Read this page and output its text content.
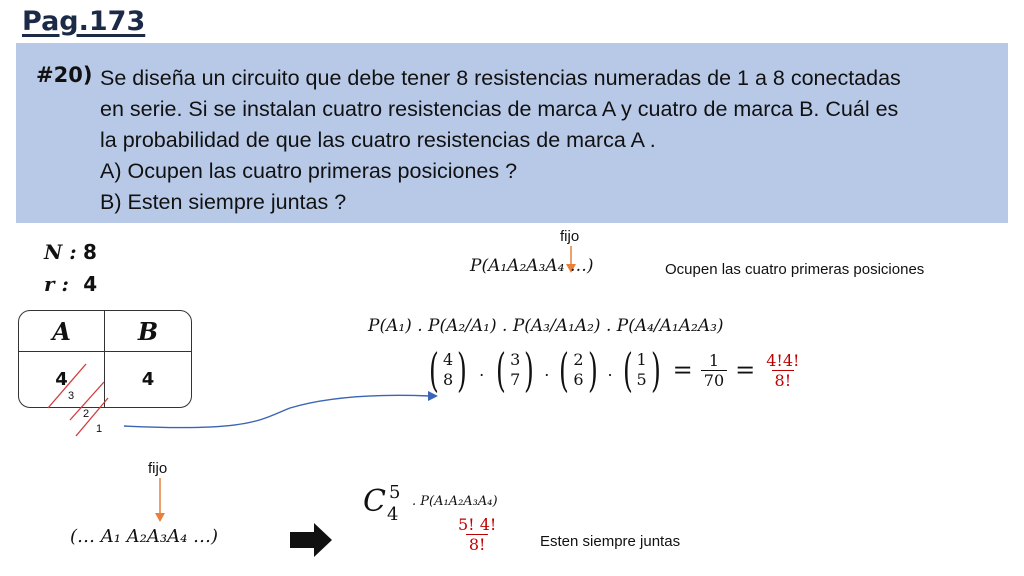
Pag.173
#20) Se diseña un circuito que debe tener 8 resistencias numeradas de 1 a 8 conectadas
en serie. Si se instalan cuatro resistencias de marca A y cuatro de marca B. Cuál es
la probabilidad de que las cuatro resistencias de marca A .
A) Ocupen las cuatro primeras posiciones ?
B) Esten siempre juntas ?
N : 8
r : 4
A	B
4	4
3
2
1
fijo
P(A₁A₂A₃A₄ …)	Ocupen las cuatro primeras posiciones
P(A₁) . P(A₂/A₁) . P(A₃/A₁A₂) . P(A₄/A₁A₂A₃)
( 4
8 ) . ( 3
7 ) . ( 2
6 ) . ( 1
5 ) = $\frac{1}{70} = \frac{4!4!}{8!}$
fijo
(… A₁ A₂A₃A₄ …)
C 5
4
. P(A₁A₂A₃A₄)
$\frac{5! 4!}{8!}$	Esten siempre juntas
